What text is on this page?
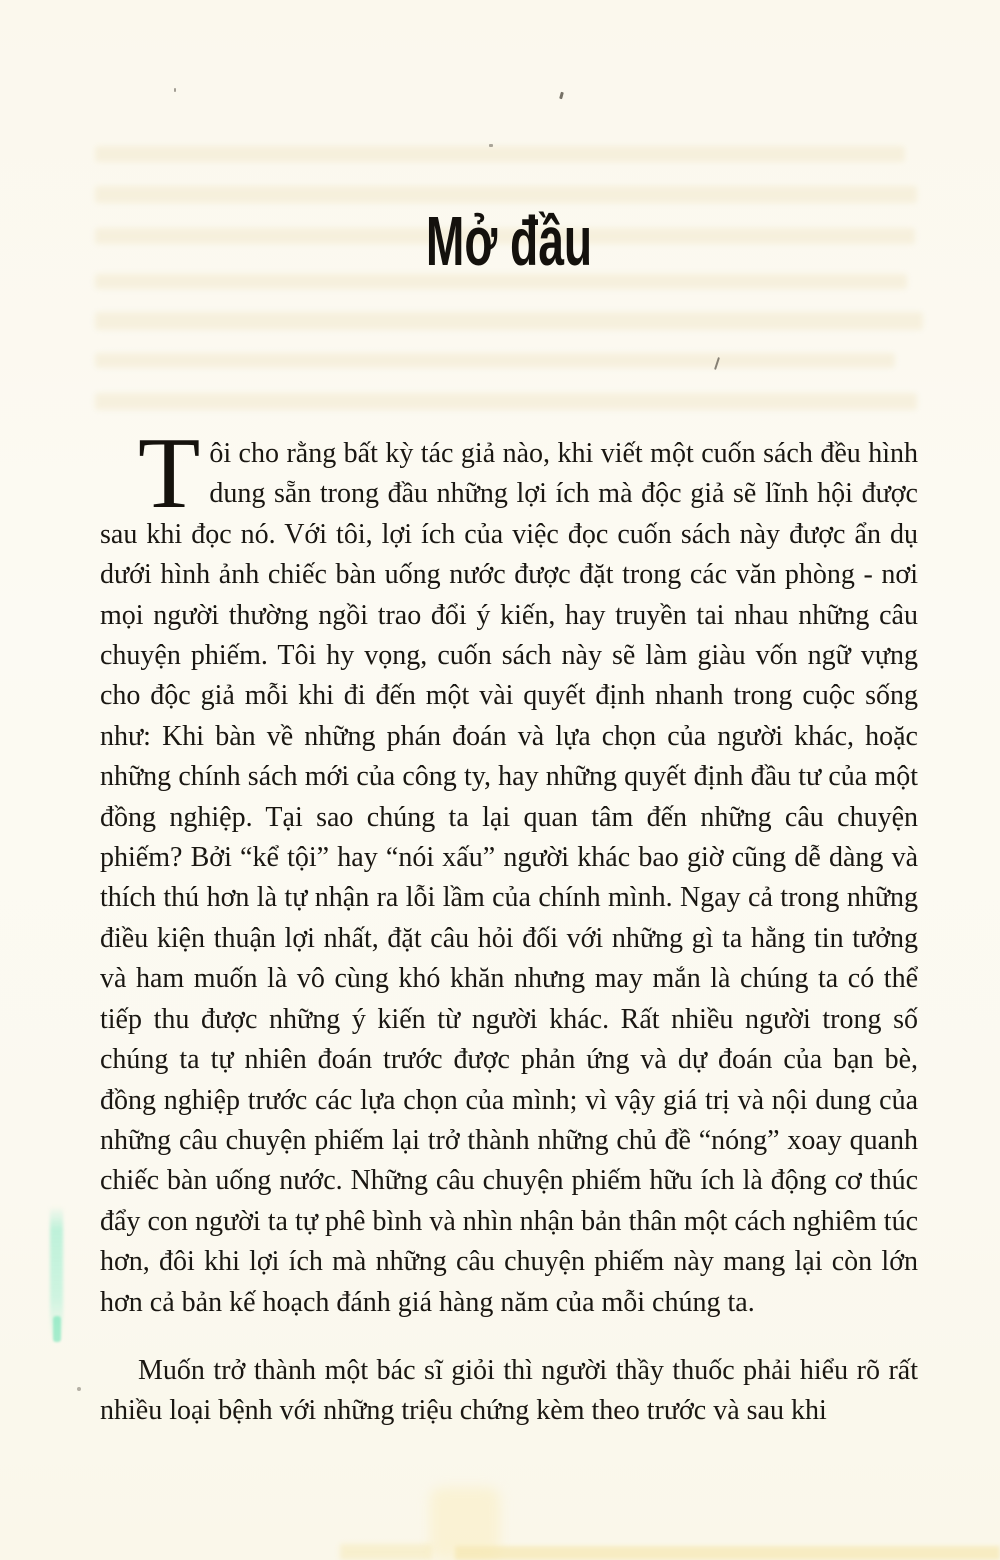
Mở đầu

Tôi cho rằng bất kỳ tác giả nào, khi viết một cuốn sách đều hình dung sẵn trong đầu những lợi ích mà độc giả sẽ lĩnh hội được sau khi đọc nó. Với tôi, lợi ích của việc đọc cuốn sách này được ẩn dụ dưới hình ảnh chiếc bàn uống nước được đặt trong các văn phòng - nơi mọi người thường ngồi trao đổi ý kiến, hay truyền tai nhau những câu chuyện phiếm. Tôi hy vọng, cuốn sách này sẽ làm giàu vốn ngữ vựng cho độc giả mỗi khi đi đến một vài quyết định nhanh trong cuộc sống như: Khi bàn về những phán đoán và lựa chọn của người khác, hoặc những chính sách mới của công ty, hay những quyết định đầu tư của một đồng nghiệp. Tại sao chúng ta lại quan tâm đến những câu chuyện phiếm? Bởi “kể tội” hay “nói xấu” người khác bao giờ cũng dễ dàng và thích thú hơn là tự nhận ra lỗi lầm của chính mình. Ngay cả trong những điều kiện thuận lợi nhất, đặt câu hỏi đối với những gì ta hằng tin tưởng và ham muốn là vô cùng khó khăn nhưng may mắn là chúng ta có thể tiếp thu được những ý kiến từ người khác. Rất nhiều người trong số chúng ta tự nhiên đoán trước được phản ứng và dự đoán của bạn bè, đồng nghiệp trước các lựa chọn của mình; vì vậy giá trị và nội dung của những câu chuyện phiếm lại trở thành những chủ đề “nóng” xoay quanh chiếc bàn uống nước. Những câu chuyện phiếm hữu ích là động cơ thúc đẩy con người ta tự phê bình và nhìn nhận bản thân một cách nghiêm túc hơn, đôi khi lợi ích mà những câu chuyện phiếm này mang lại còn lớn hơn cả bản kế hoạch đánh giá hàng năm của mỗi chúng ta.

Muốn trở thành một bác sĩ giỏi thì người thầy thuốc phải hiểu rõ rất nhiều loại bệnh với những triệu chứng kèm theo trước và sau khi
